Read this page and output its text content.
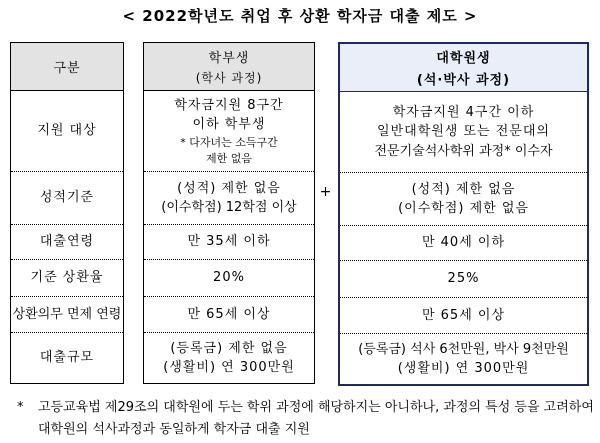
< 2022학년도 취업 후 상환 학자금 대출 제도 >
구분
지원 대상
성적기준
대출연령
기준 상환율
상환의무 면제 연령
대출규모
학부생
(학사 과정)
학자금지원 8구간
이하 학부생
* 다자녀는 소득구간
제한 없음
(성적) 제한 없음
(이수학점) 12학점 이상
만 35세 이하
20%
만 65세 이상
(등록금) 제한 없음
(생활비) 연 300만원
+
대학원생
(석·박사 과정)
학자금지원 4구간 이하
일반대학원생 또는 전문대의
전문기술석사학위 과정* 이수자
(성적) 제한 없음
(이수학점) 제한 없음
만 40세 이하
25%
만 65세 이상
(등록금) 석사 6천만원, 박사 9천만원
(생활비) 연 300만원
* 고등교육법 제29조의 대학원에 두는 학위 과정에 해당하지는 아니하나, 과정의 특성 등을 고려하여
대학원의 석사과정과 동일하게 학자금 대출 지원
